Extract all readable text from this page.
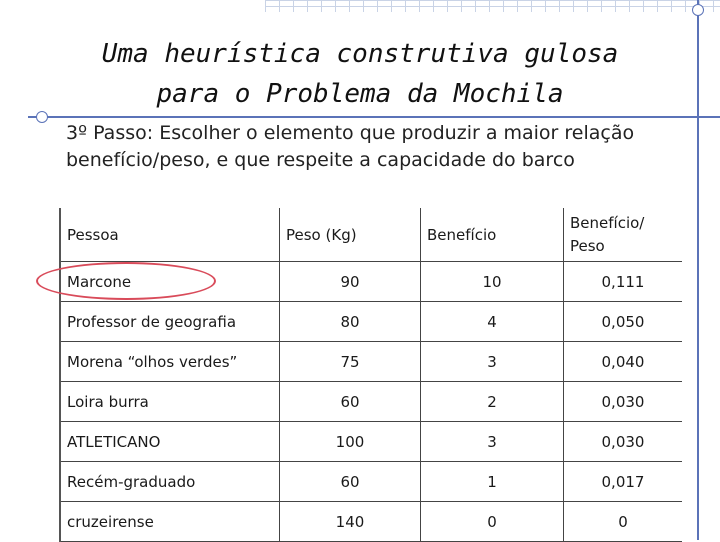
Uma heurística construtiva gulosa
para o Problema da Mochila
3º Passo: Escolher o elemento que produzir a maior relação benefício/peso, e que respeite a capacidade do barco
Pessoa	Peso (Kg)	Benefício	Benefício/ Peso
Marcone	90	10	0,111
Professor de geografia	80	4	0,050
Morena “olhos verdes”	75	3	0,040
Loira burra	60	2	0,030
ATLETICANO	100	3	0,030
Recém-graduado	60	1	0,017
cruzeirense	140	0	0
